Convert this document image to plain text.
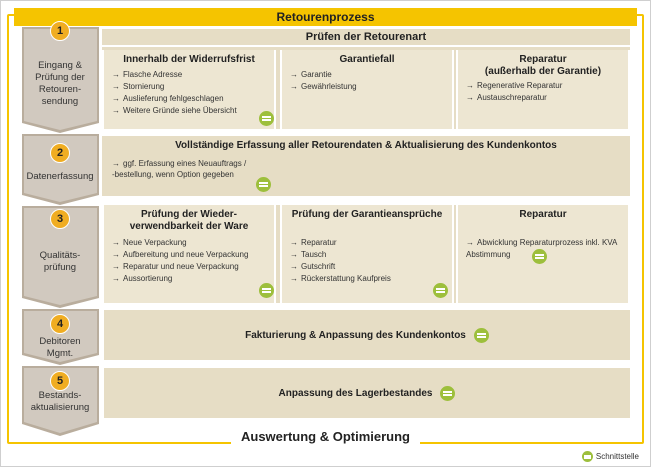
Retourenprozess
1
2
3
4
5
Eingang &
Prüfung der
Retouren-
sendung
Datenerfassung
Qualitäts-
prüfung
Debitoren
Mgmt.
Bestands-
aktualisierung
Prüfen der Retourenart
Innerhalb der Widerrufsfrist
→ Flasche Adresse
→ Stornierung
→ Auslieferung fehlgeschlagen
→ Weitere Gründe siehe Übersicht
Garantiefall
→ Garantie
→ Gewährleistung
Reparatur
(außerhalb der Garantie)
→ Regenerative Reparatur
→ Austauschreparatur
Vollständige Erfassung aller Retourendaten & Aktualisierung des Kundenkontos
→ ggf. Erfassung eines Neuauftrags /
-bestellung, wenn Option gegeben
Prüfung der Wieder-
verwendbarkeit der Ware
→ Neue Verpackung
→ Aufbereitung und neue Verpackung
→ Reparatur und neue Verpackung
→ Aussortierung
Prüfung der Garantieansprüche
→ Reparatur
→ Tausch
→ Gutschrift
→ Rückerstattung Kaufpreis
Reparatur
→ Abwicklung Reparaturprozess inkl. KVA
Abstimmung
Fakturierung & Anpassung des Kundenkontos
Anpassung des Lagerbestandes
Auswertung & Optimierung
Schnittstelle
